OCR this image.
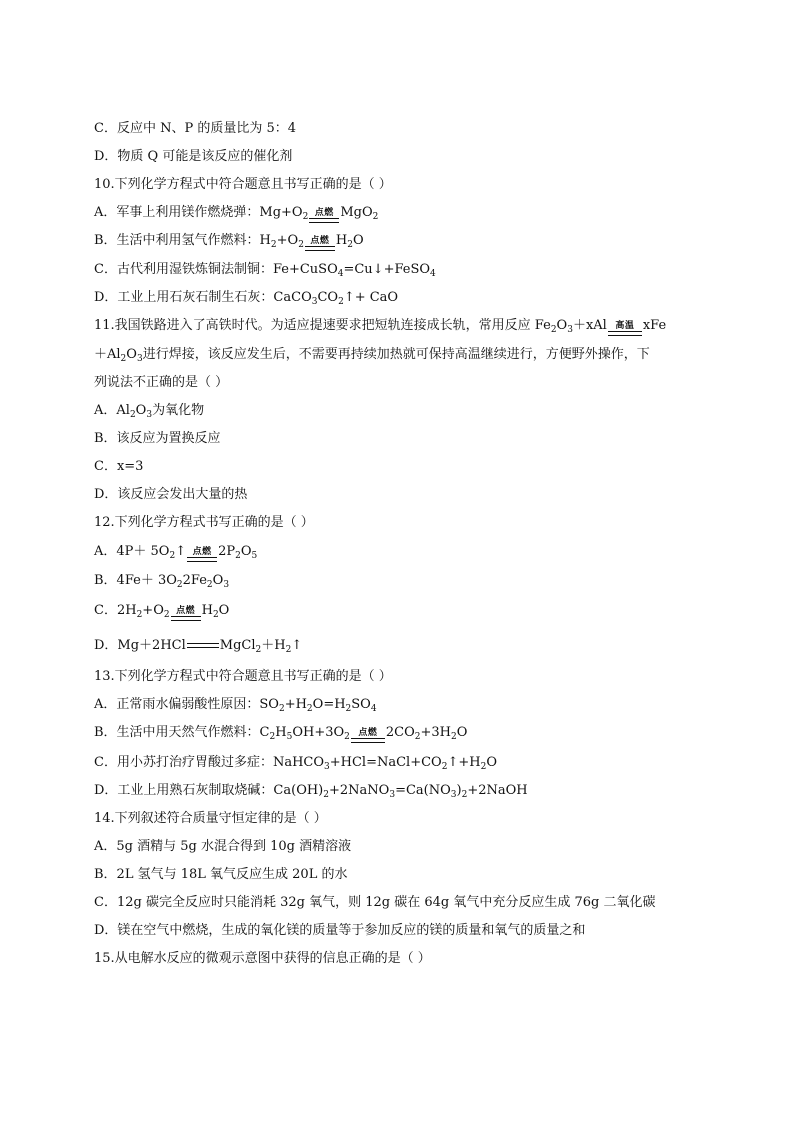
C．反应中 N、P 的质量比为 5：4
D．物质 Q 可能是该反应的催化剂
10.下列化学方程式中符合题意且书写正确的是（ ）
A．军事上利用镁作燃烧弹：$Mg+O_2$ 点燃 MgO$_2$
B．生活中利用氢气作燃料：$H_2+O_2$ 点燃 $H_2O$
C．古代利用湿铁炼铜法制铜：Fe+CuSO$_4$=Cu↓+FeSO$_4$
D．工业上用石灰石制生石灰：$CaCO_3CO_2↑+$ CaO
11.我国铁路进入了高铁时代。为适应提速要求把短轨连接成长轨，常用反应 $Fe_2O_3+xAl$ 高温 xFe
$+Al_2O_3$进行焊接，该反应发生后，不需要再持续加热就可保持高温继续进行，方便野外操作，下
列说法不正确的是（ ）
A．$Al_2O_3$为氧化物
B．该反应为置换反应
C．x=3
D．该反应会发出大量的热
12.下列化学方程式书写正确的是（ ）
A．$4P+ 5O_2↑$ 点燃 $2P_2O_5$
B．$4Fe+ 3O_22Fe_2O_3$
C．$2H_2+O_2$ 点燃 $H_2O$
D．Mg＋2HCl	$MgCl_2+H_2↑$
13.下列化学方程式中符合题意且书写正确的是（ ）
A．正常雨水偏弱酸性原因：$SO_2+H_2O=H_2SO_4$
B．生活中用天然气作燃料：$C_2H_5OH+3O_2$ 点燃 $2CO_2+3H_2O$
C．用小苏打治疗胃酸过多症：$NaHCO_3+HCl=NaCl+CO_2↑+H_2O$
D．工业上用熟石灰制取烧碱：$Ca(OH)_2+2NaNO_3=Ca(NO_3)_2+2NaOH$
14.下列叙述符合质量守恒定律的是（ ）
A．5g 酒精与 5g 水混合得到 10g 酒精溶液
B．2L 氢气与 18L 氧气反应生成 20L 的水
C．12g 碳完全反应时只能消耗 32g 氧气，则 12g 碳在 64g 氧气中充分反应生成 76g 二氧化碳
D．镁在空气中燃烧，生成的氧化镁的质量等于参加反应的镁的质量和氧气的质量之和
15.从电解水反应的微观示意图中获得的信息正确的是（ ）
